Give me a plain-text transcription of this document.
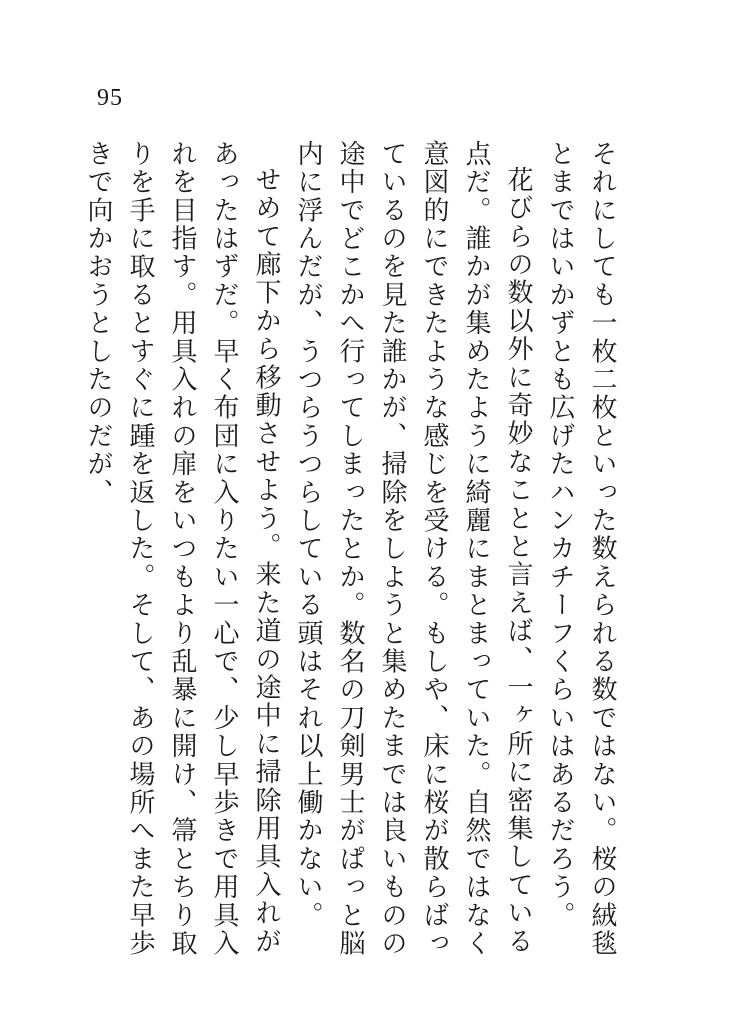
95

それにしても一枚二枚といった数えられる数ではない。桜の絨毯とまではいかずとも広げたハンカチーフくらいはあるだろう。

花びらの数以外に奇妙なことと言えば、一ヶ所に密集している点だ。誰かが集めたように綺麗にまとまっていた。自然ではなく意図的にできたような感じを受ける。もしや、床に桜が散らばっているのを見た誰かが、掃除をしようと集めたまでは良いものの途中でどこかへ行ってしまったとか。数名の刀剣男士がぱっと脳内に浮んだが、うつらうつらしている頭はそれ以上働かない。

せめて廊下から移動させよう。来た道の途中に掃除用具入れがあったはずだ。早く布団に入りたい一心で、少し早歩きで用具入れを目指す。用具入れの扉をいつもより乱暴に開け、箒とちり取りを手に取るとすぐに踵を返した。そして、あの場所へまた早歩きで向かおうとしたのだが、
